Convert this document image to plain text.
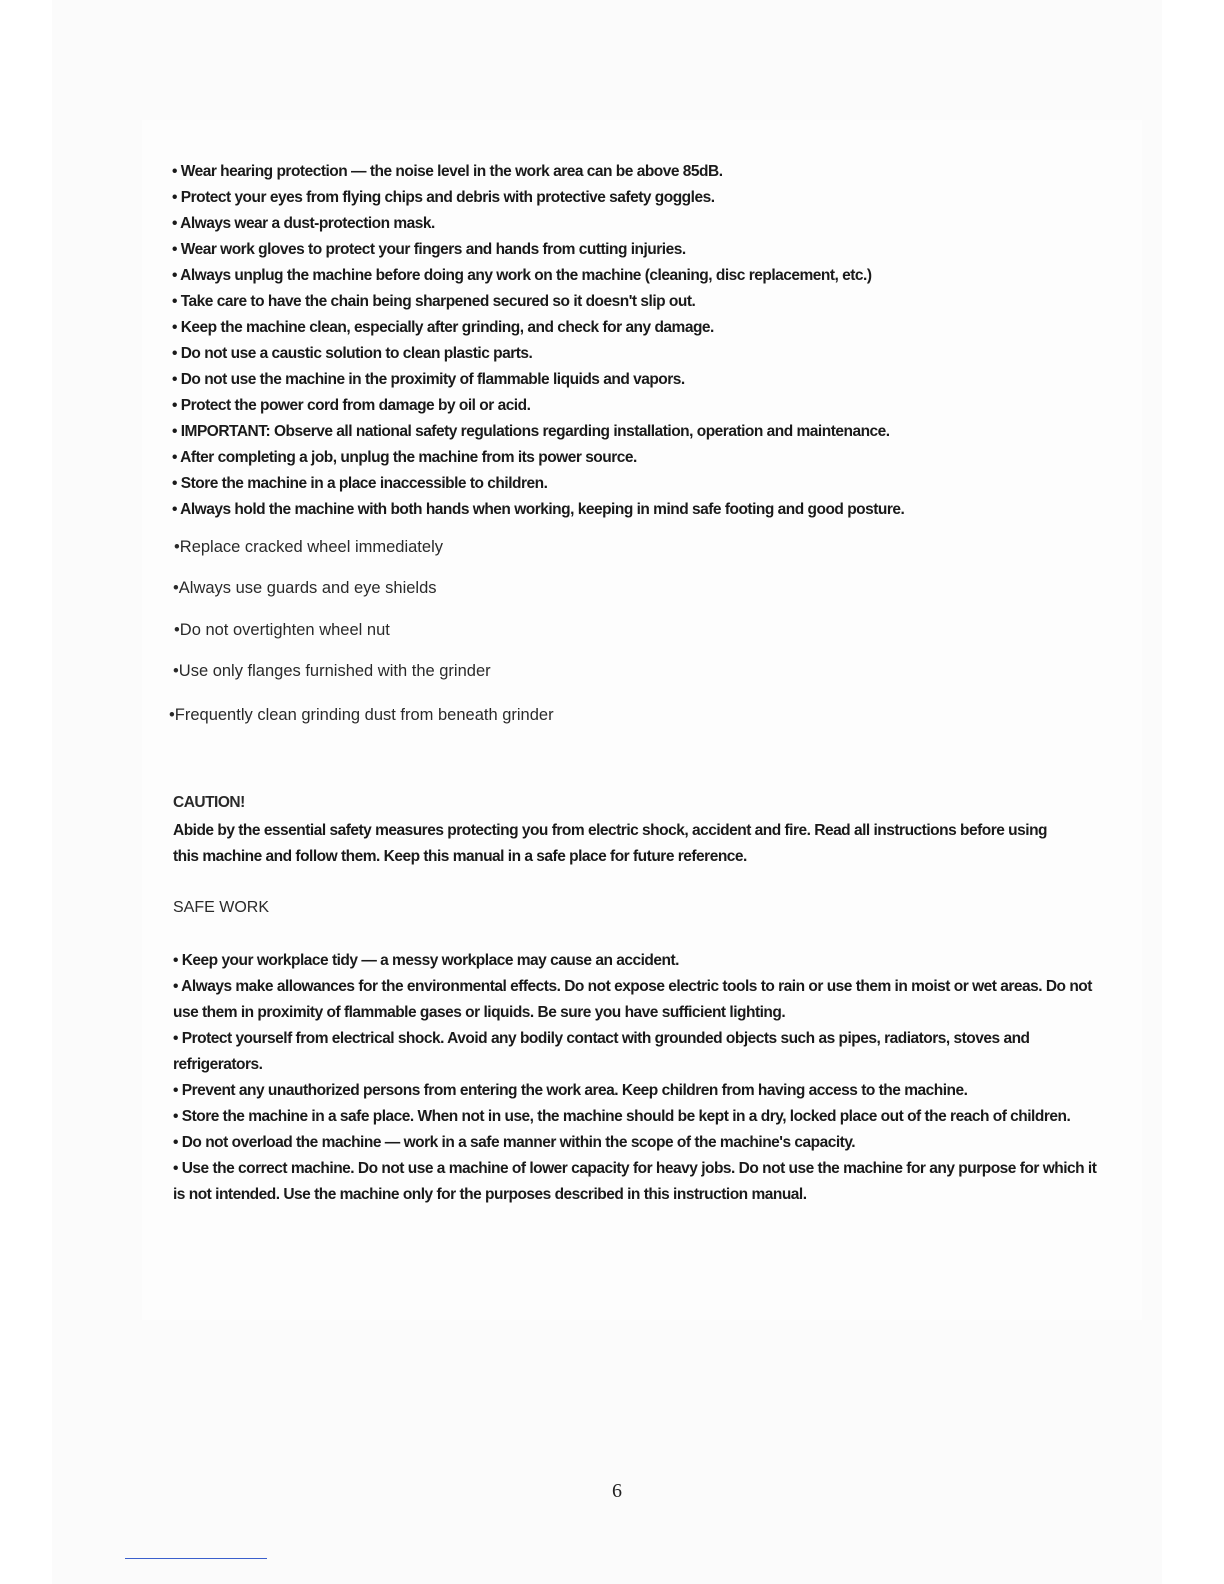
• Wear hearing protection — the noise level in the work area can be above 85dB.
• Protect your eyes from flying chips and debris with protective safety goggles.
• Always wear a dust-protection mask.
• Wear work gloves to protect your fingers and hands from cutting injuries.
• Always unplug the machine before doing any work on the machine (cleaning, disc replacement, etc.)
• Take care to have the chain being sharpened secured so it doesn't slip out.
• Keep the machine clean, especially after grinding, and check for any damage.
• Do not use a caustic solution to clean plastic parts.
• Do not use the machine in the proximity of flammable liquids and vapors.
• Protect the power cord from damage by oil or acid.
• IMPORTANT: Observe all national safety regulations regarding installation, operation and maintenance.
• After completing a job, unplug the machine from its power source.
• Store the machine in a place inaccessible to children.
• Always hold the machine with both hands when working, keeping in mind safe footing and good posture.
•Replace cracked wheel immediately
•Always use guards and eye shields
•Do not overtighten wheel nut
•Use only flanges furnished with the grinder
•Frequently clean grinding dust from beneath grinder
CAUTION!
Abide by the essential safety measures protecting you from electric shock, accident and fire. Read all instructions before using this machine and follow them. Keep this manual in a safe place for future reference.
SAFE WORK
• Keep your workplace tidy — a messy workplace may cause an accident.
• Always make allowances for the environmental effects. Do not expose electric tools to rain or use them in moist or wet areas. Do not use them in proximity of flammable gases or liquids. Be sure you have sufficient lighting.
• Protect yourself from electrical shock. Avoid any bodily contact with grounded objects such as pipes, radiators, stoves and refrigerators.
• Prevent any unauthorized persons from entering the work area. Keep children from having access to the machine.
• Store the machine in a safe place. When not in use, the machine should be kept in a dry, locked place out of the reach of children.
• Do not overload the machine — work in a safe manner within the scope of the machine's capacity.
• Use the correct machine. Do not use a machine of lower capacity for heavy jobs. Do not use the machine for any purpose for which it is not intended. Use the machine only for the purposes described in this instruction manual.
6
